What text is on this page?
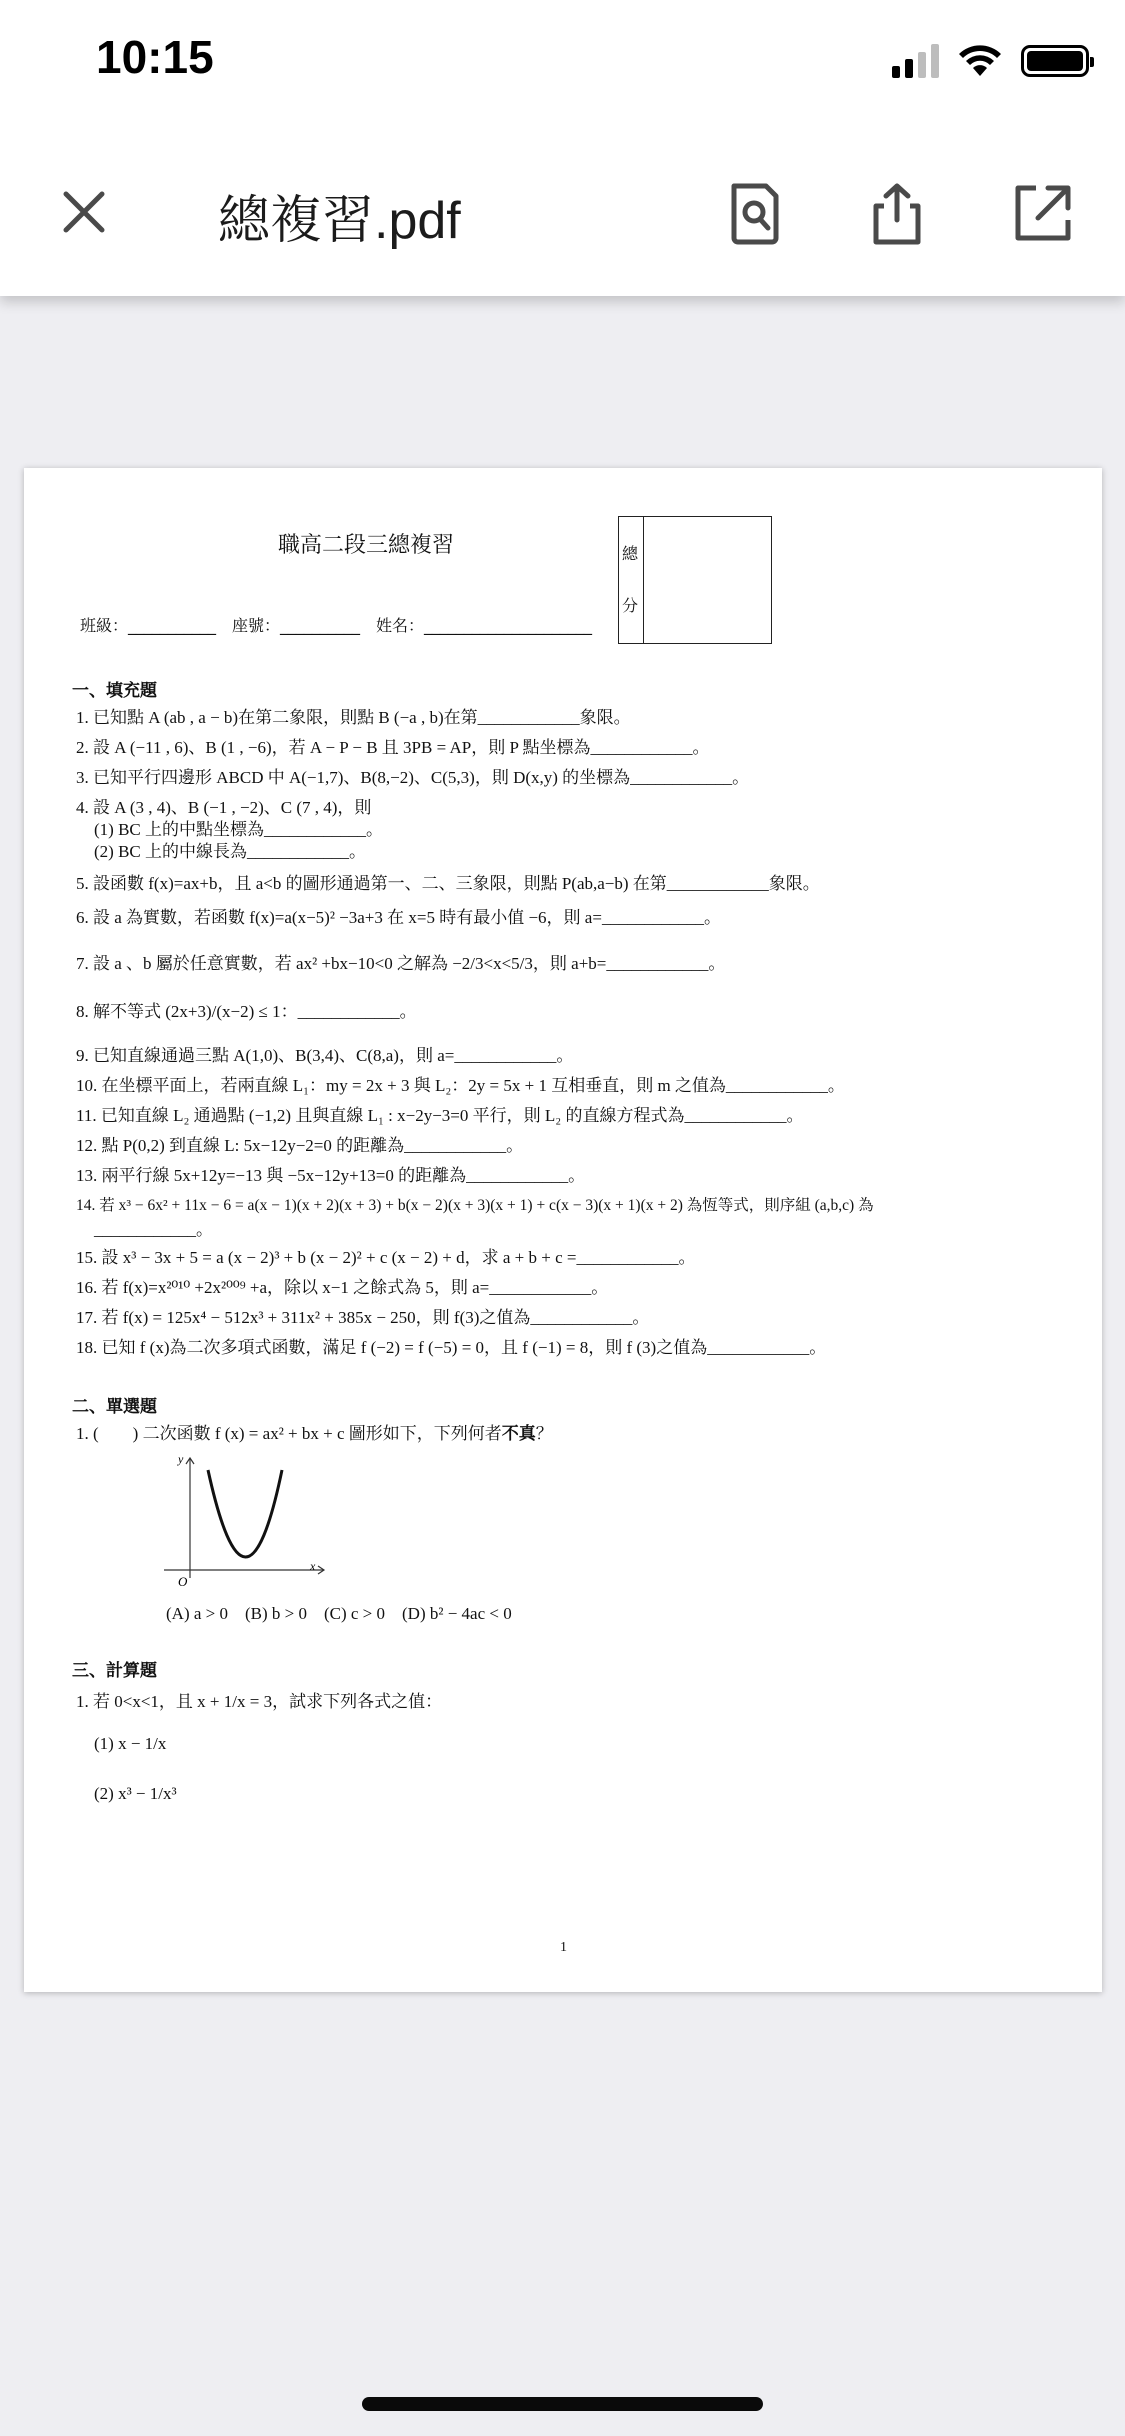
10:15
總複習.pdf
職高二段三總複習	總
分
班級：___________　座號：__________　姓名：_____________________
一、填充題
1. 已知點 A (ab , a − b)在第二象限，則點 B (−a , b)在第____________象限。
2. 設 A (−11 , 6)、B (1 , −6)，若 A − P − B 且 3PB = AP，則 P 點坐標為____________。
3. 已知平行四邊形 ABCD 中 A(−1,7)、B(8,−2)、C(5,3)，則 D(x,y) 的坐標為____________。
4. 設 A (3 , 4)、B (−1 , −2)、C (7 , 4)，則
(1) BC 上的中點坐標為____________。
(2) BC 上的中線長為____________。
5. 設函數 f(x)=ax+b，且 a<b 的圖形通過第一、二、三象限，則點 P(ab,a−b) 在第____________象限。
6. 設 a 為實數，若函數 f(x)=a(x−5)² −3a+3 在 x=5 時有最小值 −6，則 a=____________。
7. 設 a 、b 屬於任意實數，若 ax² +bx−10<0 之解為 −2/3<x<5/3，則 a+b=____________。
8. 解不等式 (2x+3)/(x−2) ≤ 1：____________。
9. 已知直線通過三點 A(1,0)、B(3,4)、C(8,a)，則 a=____________。
10. 在坐標平面上，若兩直線 L₁：my = 2x + 3 與 L₂：2y = 5x + 1 互相垂直，則 m 之值為____________。
11. 已知直線 L₂ 通過點 (−1,2) 且與直線 L₁ : x−2y−3=0 平行，則 L₂ 的直線方程式為____________。
12. 點 P(0,2) 到直線 L: 5x−12y−2=0 的距離為____________。
13. 兩平行線 5x+12y=−13 與 −5x−12y+13=0 的距離為____________。
14. 若 x³ − 6x² + 11x − 6 = a(x − 1)(x + 2)(x + 3) + b(x − 2)(x + 3)(x + 1) + c(x − 3)(x + 1)(x + 2) 為恆等式，則序組 (a,b,c) 為
____________。
15. 設 x³ − 3x + 5 = a (x − 2)³ + b (x − 2)² + c (x − 2) + d，求 a + b + c =____________。
16. 若 f(x)=x²⁰¹⁰ +2x²⁰⁰⁹ +a，除以 x−1 之餘式為 5，則 a=____________。
17. 若 f(x) = 125x⁴ − 512x³ + 311x² + 385x − 250，則 f(3)之值為____________。
18. 已知 f (x)為二次多項式函數，滿足 f (−2) = f (−5) = 0，且 f (−1) = 8，則 f (3)之值為____________。
二、單選題
1. (　　) 二次函數 f (x) = ax² + bx + c 圖形如下，下列何者不真？
y
x
O
(A) a > 0　(B) b > 0　(C) c > 0　(D) b² − 4ac < 0
三、計算題
1. 若 0<x<1，且 x + 1/x = 3，試求下列各式之值：
(1) x − 1/x
(2) x³ − 1/x³
1
